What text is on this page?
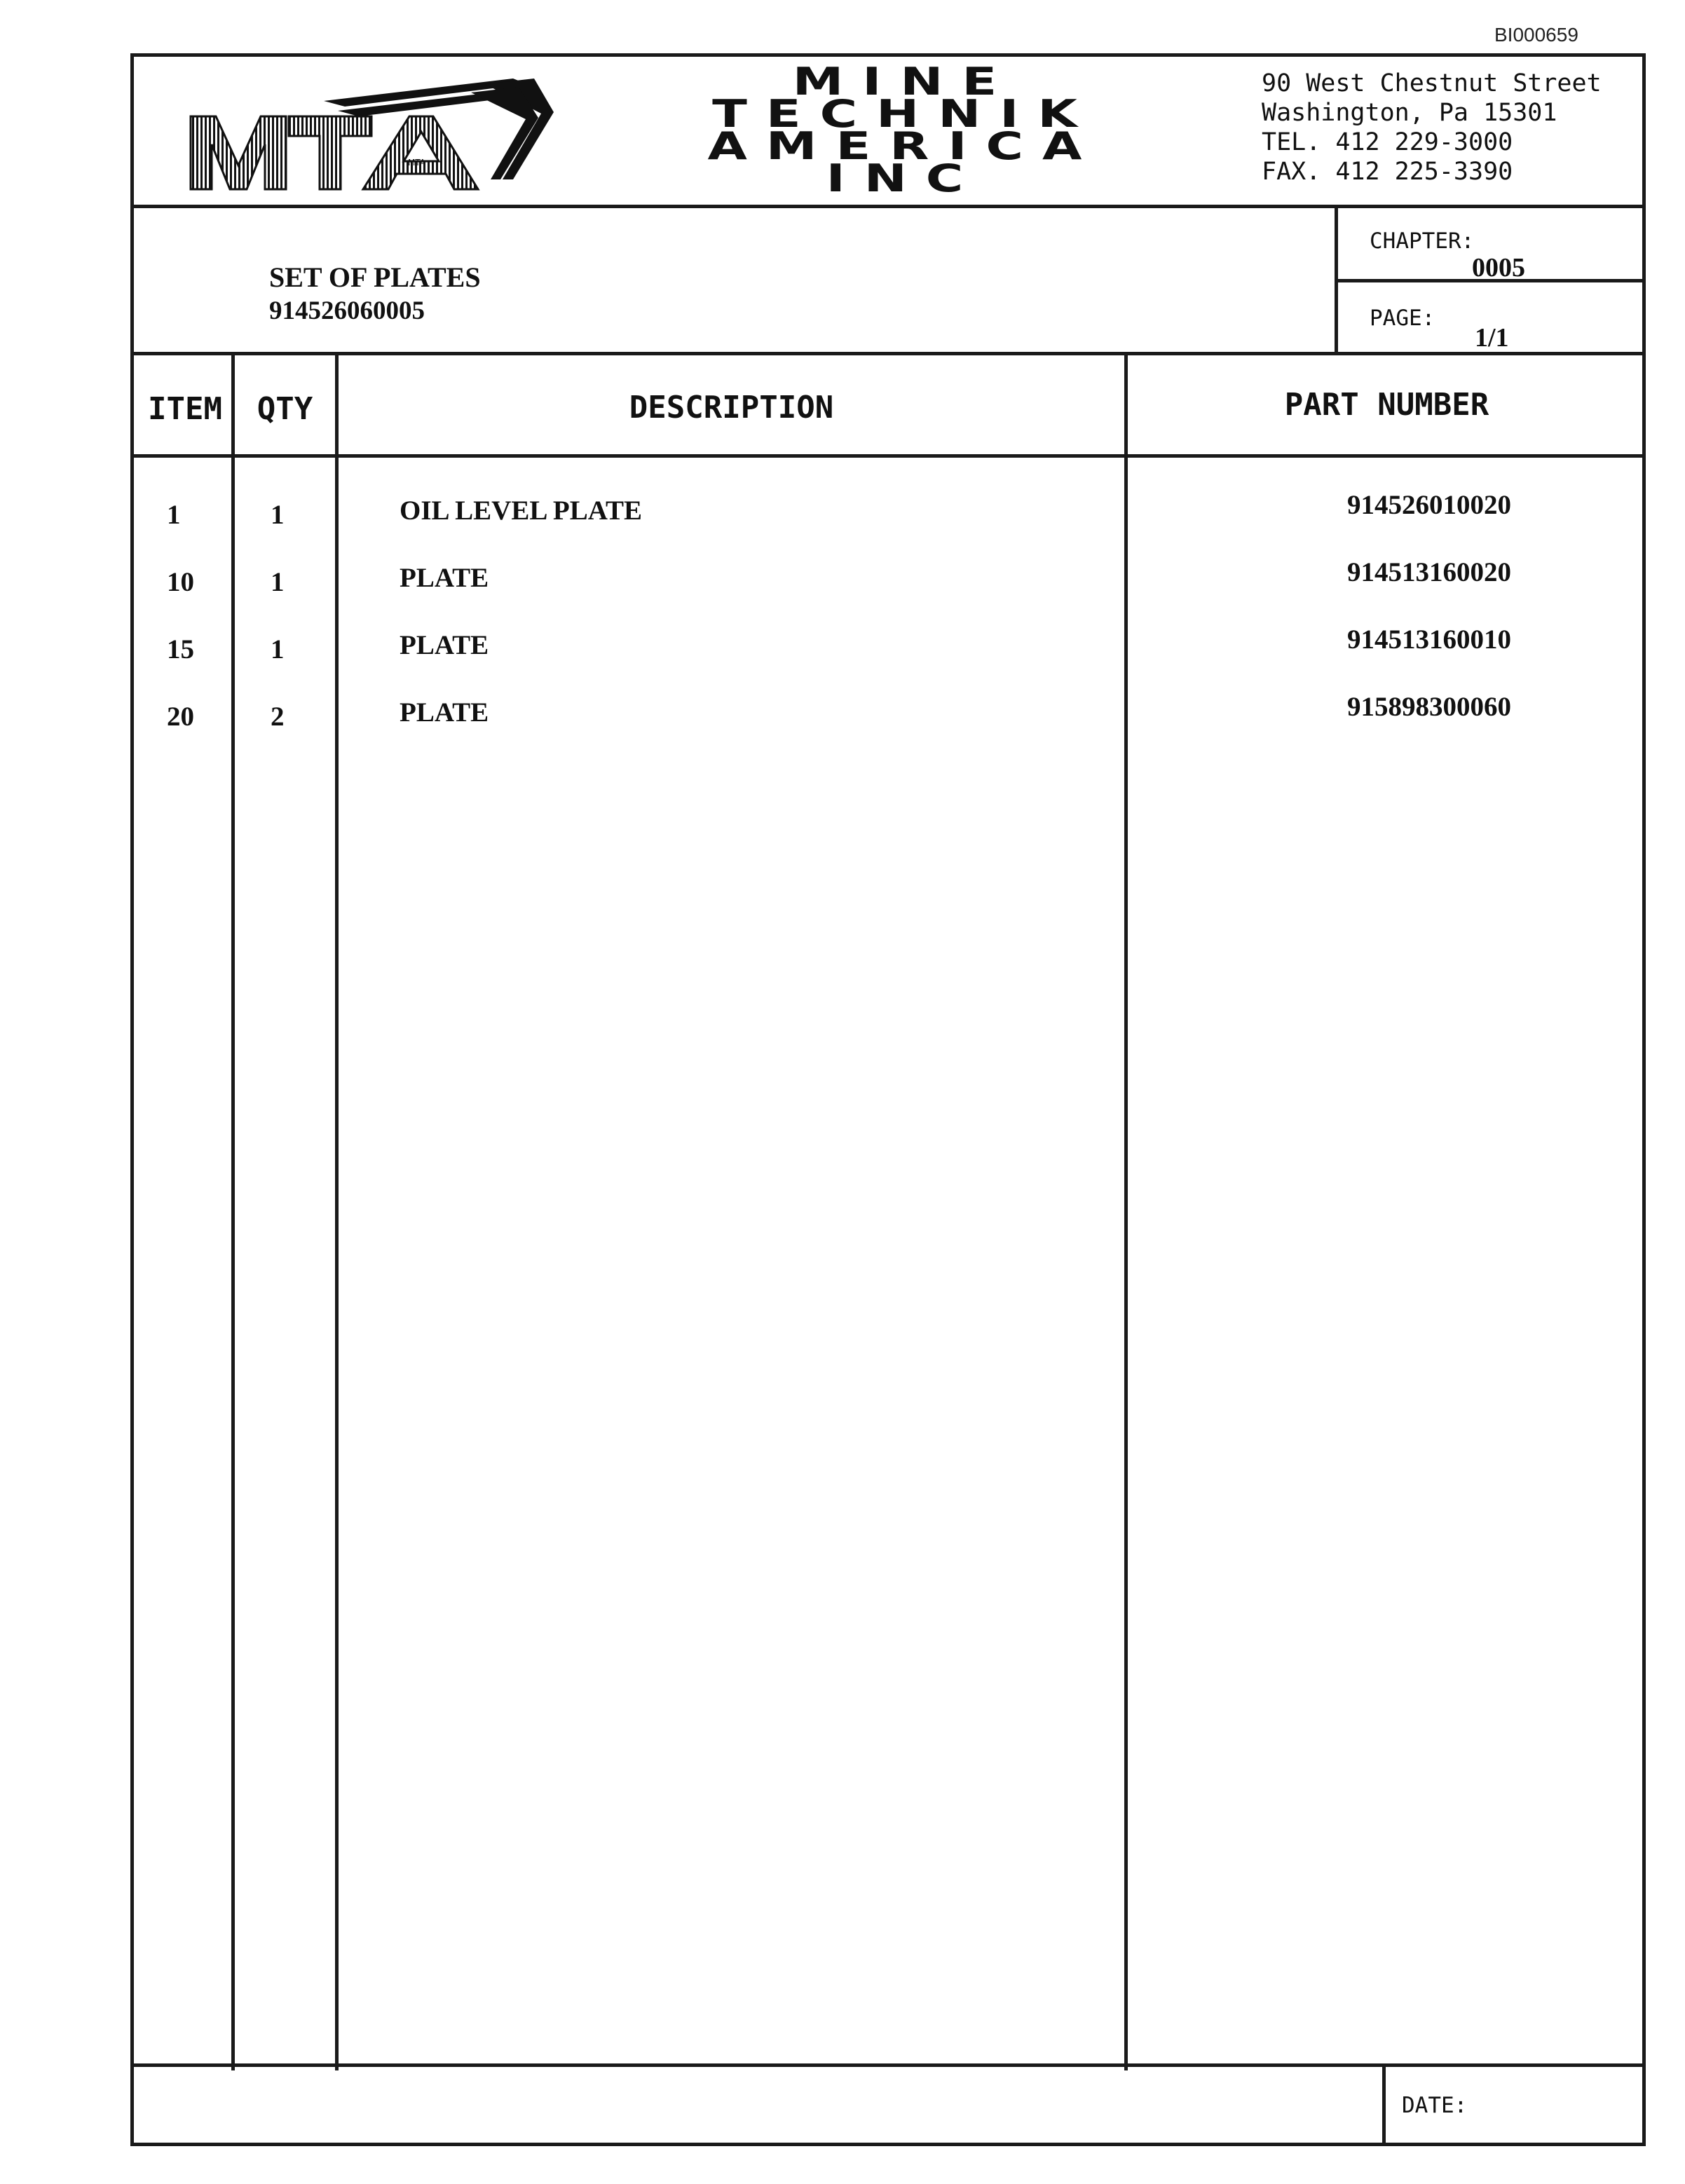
BI000659
MTA
MINE
TECHNIK
AMERICA
INC
90 West Chestnut Street
Washington, Pa 15301
TEL. 412 229-3000
FAX. 412 225-3390
SET OF PLATES
914526060005
CHAPTER:
0005
PAGE:
1/1
ITEM	QTY	DESCRIPTION	PART NUMBER
1	1	OIL LEVEL PLATE	914526010020
10	1	PLATE	914513160020
15	1	PLATE	914513160010
20	2	PLATE	915898300060
DATE:
